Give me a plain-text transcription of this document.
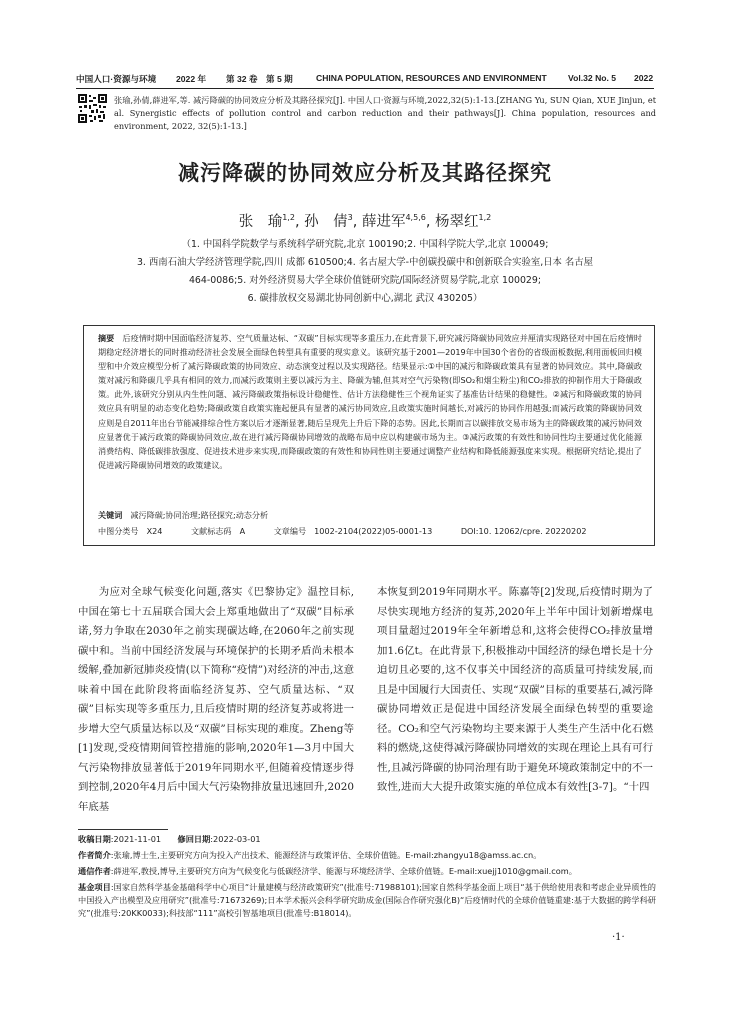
中国人口·资源与环境 2022 年 第 32 卷 第 5 期	CHINA POPULATION, RESOURCES AND ENVIRONMENT Vol.32 No. 5 2022
张瑜,孙倩,薛进军,等. 减污降碳的协同效应分析及其路径探究[J]. 中国人口·资源与环境,2022,32(5):1-13.[ZHANG Yu, SUN Qian, XUE Jinjun, et al. Synergistic effects of pollution control and carbon reduction and their pathways[J]. China population, resources and environment, 2022, 32(5):1-13.]
减污降碳的协同效应分析及其路径探究
张　瑜$^{1,2}$, 孙　倩$^3$, 薛进军$^{4,5,6}$, 杨翠红$^{1,2}$
（1. 中国科学院数学与系统科学研究院,北京 100190;2. 中国科学院大学,北京 100049;
3. 西南石油大学经济管理学院,四川 成都 610500;4. 名古屋大学-中创碳投碳中和创新联合实验室,日本 名古屋
464-0086;5. 对外经济贸易大学全球价值链研究院/国际经济贸易学院,北京 100029;
6. 碳排放权交易湖北协同创新中心,湖北 武汉 430205）
摘要　 后疫情时期中国面临经济复苏、空气质量达标、“双碳”目标实现等多重压力,在此背景下,研究减污降碳协同效应并厘清实现路径对中国在后疫情时期稳定经济增长的同时推动经济社会发展全面绿色转型具有重要的现实意义。该研究基于2001—2019年中国30个省份的省级面板数据,利用面板回归模型和中介效应模型分析了减污降碳政策的协同效应、动态演变过程以及实现路径。结果显示:①中国的减污和降碳政策具有显著的协同效应。其中,降碳政策对减污和降碳几乎具有相同的效力,而减污政策则主要以减污为主、降碳为辅,但其对空气污染物(即SO₂和烟尘粉尘)和CO₂排放的抑制作用大于降碳政策。此外,该研究分别从内生性问题、减污降碳政策指标设计稳健性、估计方法稳健性三个视角证实了基准估计结果的稳健性。②减污和降碳政策的协同效应具有明显的动态变化趋势;降碳政策自政策实施起便具有显著的减污协同效应,且政策实施时间越长,对减污的协同作用越强;而减污政策的降碳协同效应则是自2011年出台节能减排综合性方案以后才逐渐显著,随后呈现先上升后下降的态势。因此,长期而言以碳排放交易市场为主的降碳政策的减污协同效应显著优于减污政策的降碳协同效应,故在进行减污降碳协同增效的战略布局中应以构建碳市场为主。③减污政策的有效性和协同性均主要通过优化能源消费结构、降低碳排放强度、促进技术进步来实现,而降碳政策的有效性和协同性则主要通过调整产业结构和降低能源强度来实现。根据研究结论,提出了促进减污降碳协同增效的政策建议。
关键词　 减污降碳;协同治理;路径探究;动态分析
中图分类号　X24	文献标志码　A	文章编号　1002-2104(2022)05-0001-13	DOI:10. 12062/cpre. 20220202

为应对全球气候变化问题,落实《巴黎协定》温控目标,中国在第七十五届联合国大会上郑重地做出了“双碳”目标承诺,努力争取在2030年之前实现碳达峰,在2060年之前实现碳中和。当前中国经济发展与环境保护的长期矛盾尚未根本缓解,叠加新冠肺炎疫情(以下简称“疫情”)对经济的冲击,这意味着中国在此阶段将面临经济复苏、空气质量达标、“双碳”目标实现等多重压力,且后疫情时期的经济复苏或将进一步增大空气质量达标以及“双碳”目标实现的难度。Zheng等[1]发现,受疫情期间管控措施的影响,2020年1—3月中国大气污染物排放显著低于2019年同期水平,但随着疫情逐步得到控制,2020年4月后中国大气污染物排放量迅速回升,2020年底基

本恢复到2019年同期水平。陈嘉等[2]发现,后疫情时期为了尽快实现地方经济的复苏,2020年上半年中国计划新增煤电项目量超过2019年全年新增总和,这将会使得CO₂排放量增加1.6亿t。在此背景下,积极推动中国经济的绿色增长是十分迫切且必要的,这不仅事关中国经济的高质量可持续发展,而且是中国履行大国责任、实现“双碳”目标的重要基石,减污降碳协同增效正是促进中国经济发展全面绿色转型的重要途径。CO₂和空气污染物均主要来源于人类生产生活中化石燃料的燃烧,这使得减污降碳协同增效的实现在理论上具有可行性,且减污降碳的协同治理有助于避免环境政策制定中的不一致性,进而大大提升政策实施的单位成本有效性[3-7]。“十四

收稿日期:2021-11-01　　 修回日期:2022-03-01
作者简介:张瑜,博士生,主要研究方向为投入产出技术、能源经济与政策评估、全球价值链。E-mail:zhangyu18@amss.ac.cn。
通信作者:薛进军,教授,博导,主要研究方向为气候变化与低碳经济学、能源与环境经济学、全球价值链。E-mail:xuejj1010@gmail.com。
基金项目:国家自然科学基金基础科学中心项目“计量建模与经济政策研究”(批准号:71988101);国家自然科学基金面上项目“基于供给使用表和考虑企业异质性的中国投入产出模型及应用研究”(批准号:71673269);日本学术振兴会科学研究助成金(国际合作研究强化B)“后疫情时代的全球价值链重建:基于大数据的跨学科研究”(批准号:20KK0033);科技部“111”高校引智基地项目(批准号:B18014)。
·1·
